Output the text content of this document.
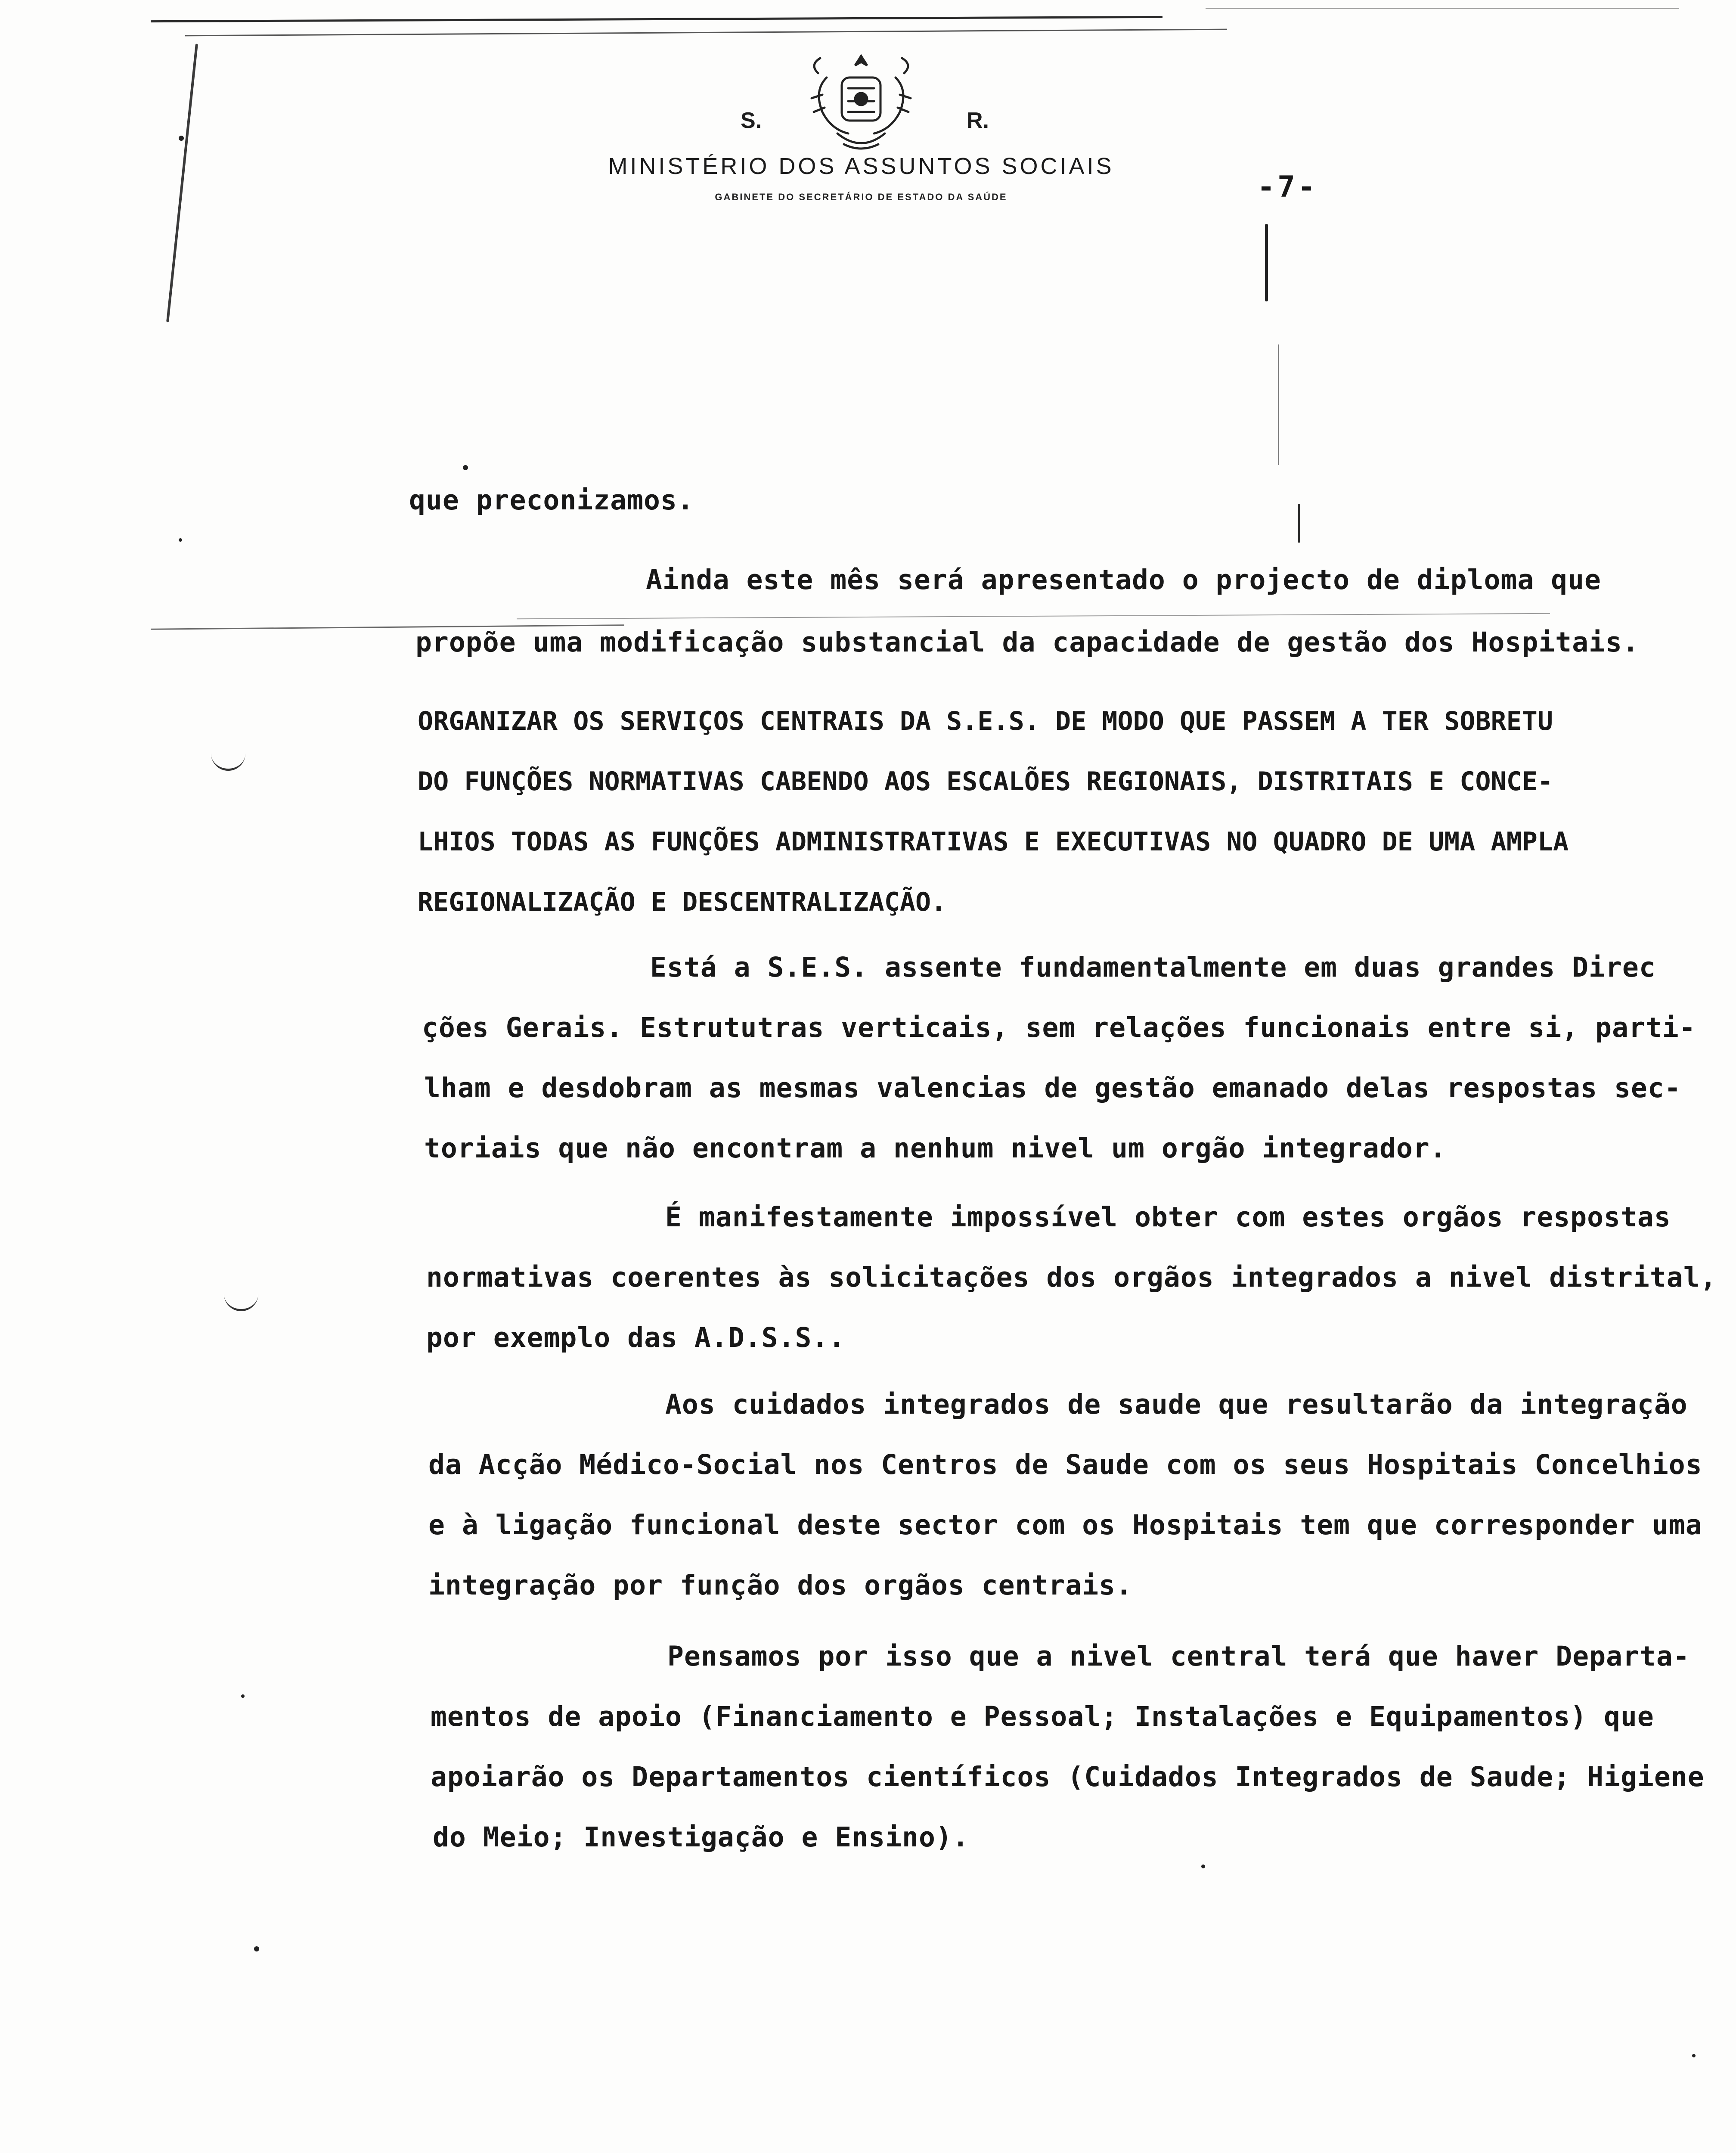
S.	R.
MINISTÉRIO DOS ASSUNTOS SOCIAIS
GABINETE DO SECRETÁRIO DE ESTADO DA SAÚDE	-7-
que preconizamos.
Ainda este mês será apresentado o projecto de diploma que
propõe uma modificação substancial da capacidade de gestão dos Hospitais.
ORGANIZAR OS SERVIÇOS CENTRAIS DA S.E.S. DE MODO QUE PASSEM A TER SOBRETU
DO FUNÇÕES NORMATIVAS CABENDO AOS ESCALÕES REGIONAIS, DISTRITAIS E CONCE-
LHIOS TODAS AS FUNÇÕES ADMINISTRATIVAS E EXECUTIVAS NO QUADRO DE UMA AMPLA
REGIONALIZAÇÃO E DESCENTRALIZAÇÃO.
Está a S.E.S. assente fundamentalmente em duas grandes Direc
ções Gerais. Estrututras verticais, sem relações funcionais entre si, parti-
lham e desdobram as mesmas valencias de gestão emanado delas respostas sec-
toriais que não encontram a nenhum nivel um orgão integrador.
É manifestamente impossível obter com estes orgãos respostas
normativas coerentes às solicitações dos orgãos integrados a nivel distrital,
por exemplo das A.D.S.S..
Aos cuidados integrados de saude que resultarão da integração
da Acção Médico-Social nos Centros de Saude com os seus Hospitais Concelhios
e à ligação funcional deste sector com os Hospitais tem que corresponder uma
integração por função dos orgãos centrais.
Pensamos por isso que a nivel central terá que haver Departa-
mentos de apoio (Financiamento e Pessoal; Instalações e Equipamentos) que
apoiarão os Departamentos científicos (Cuidados Integrados de Saude; Higiene
do Meio; Investigação e Ensino).
